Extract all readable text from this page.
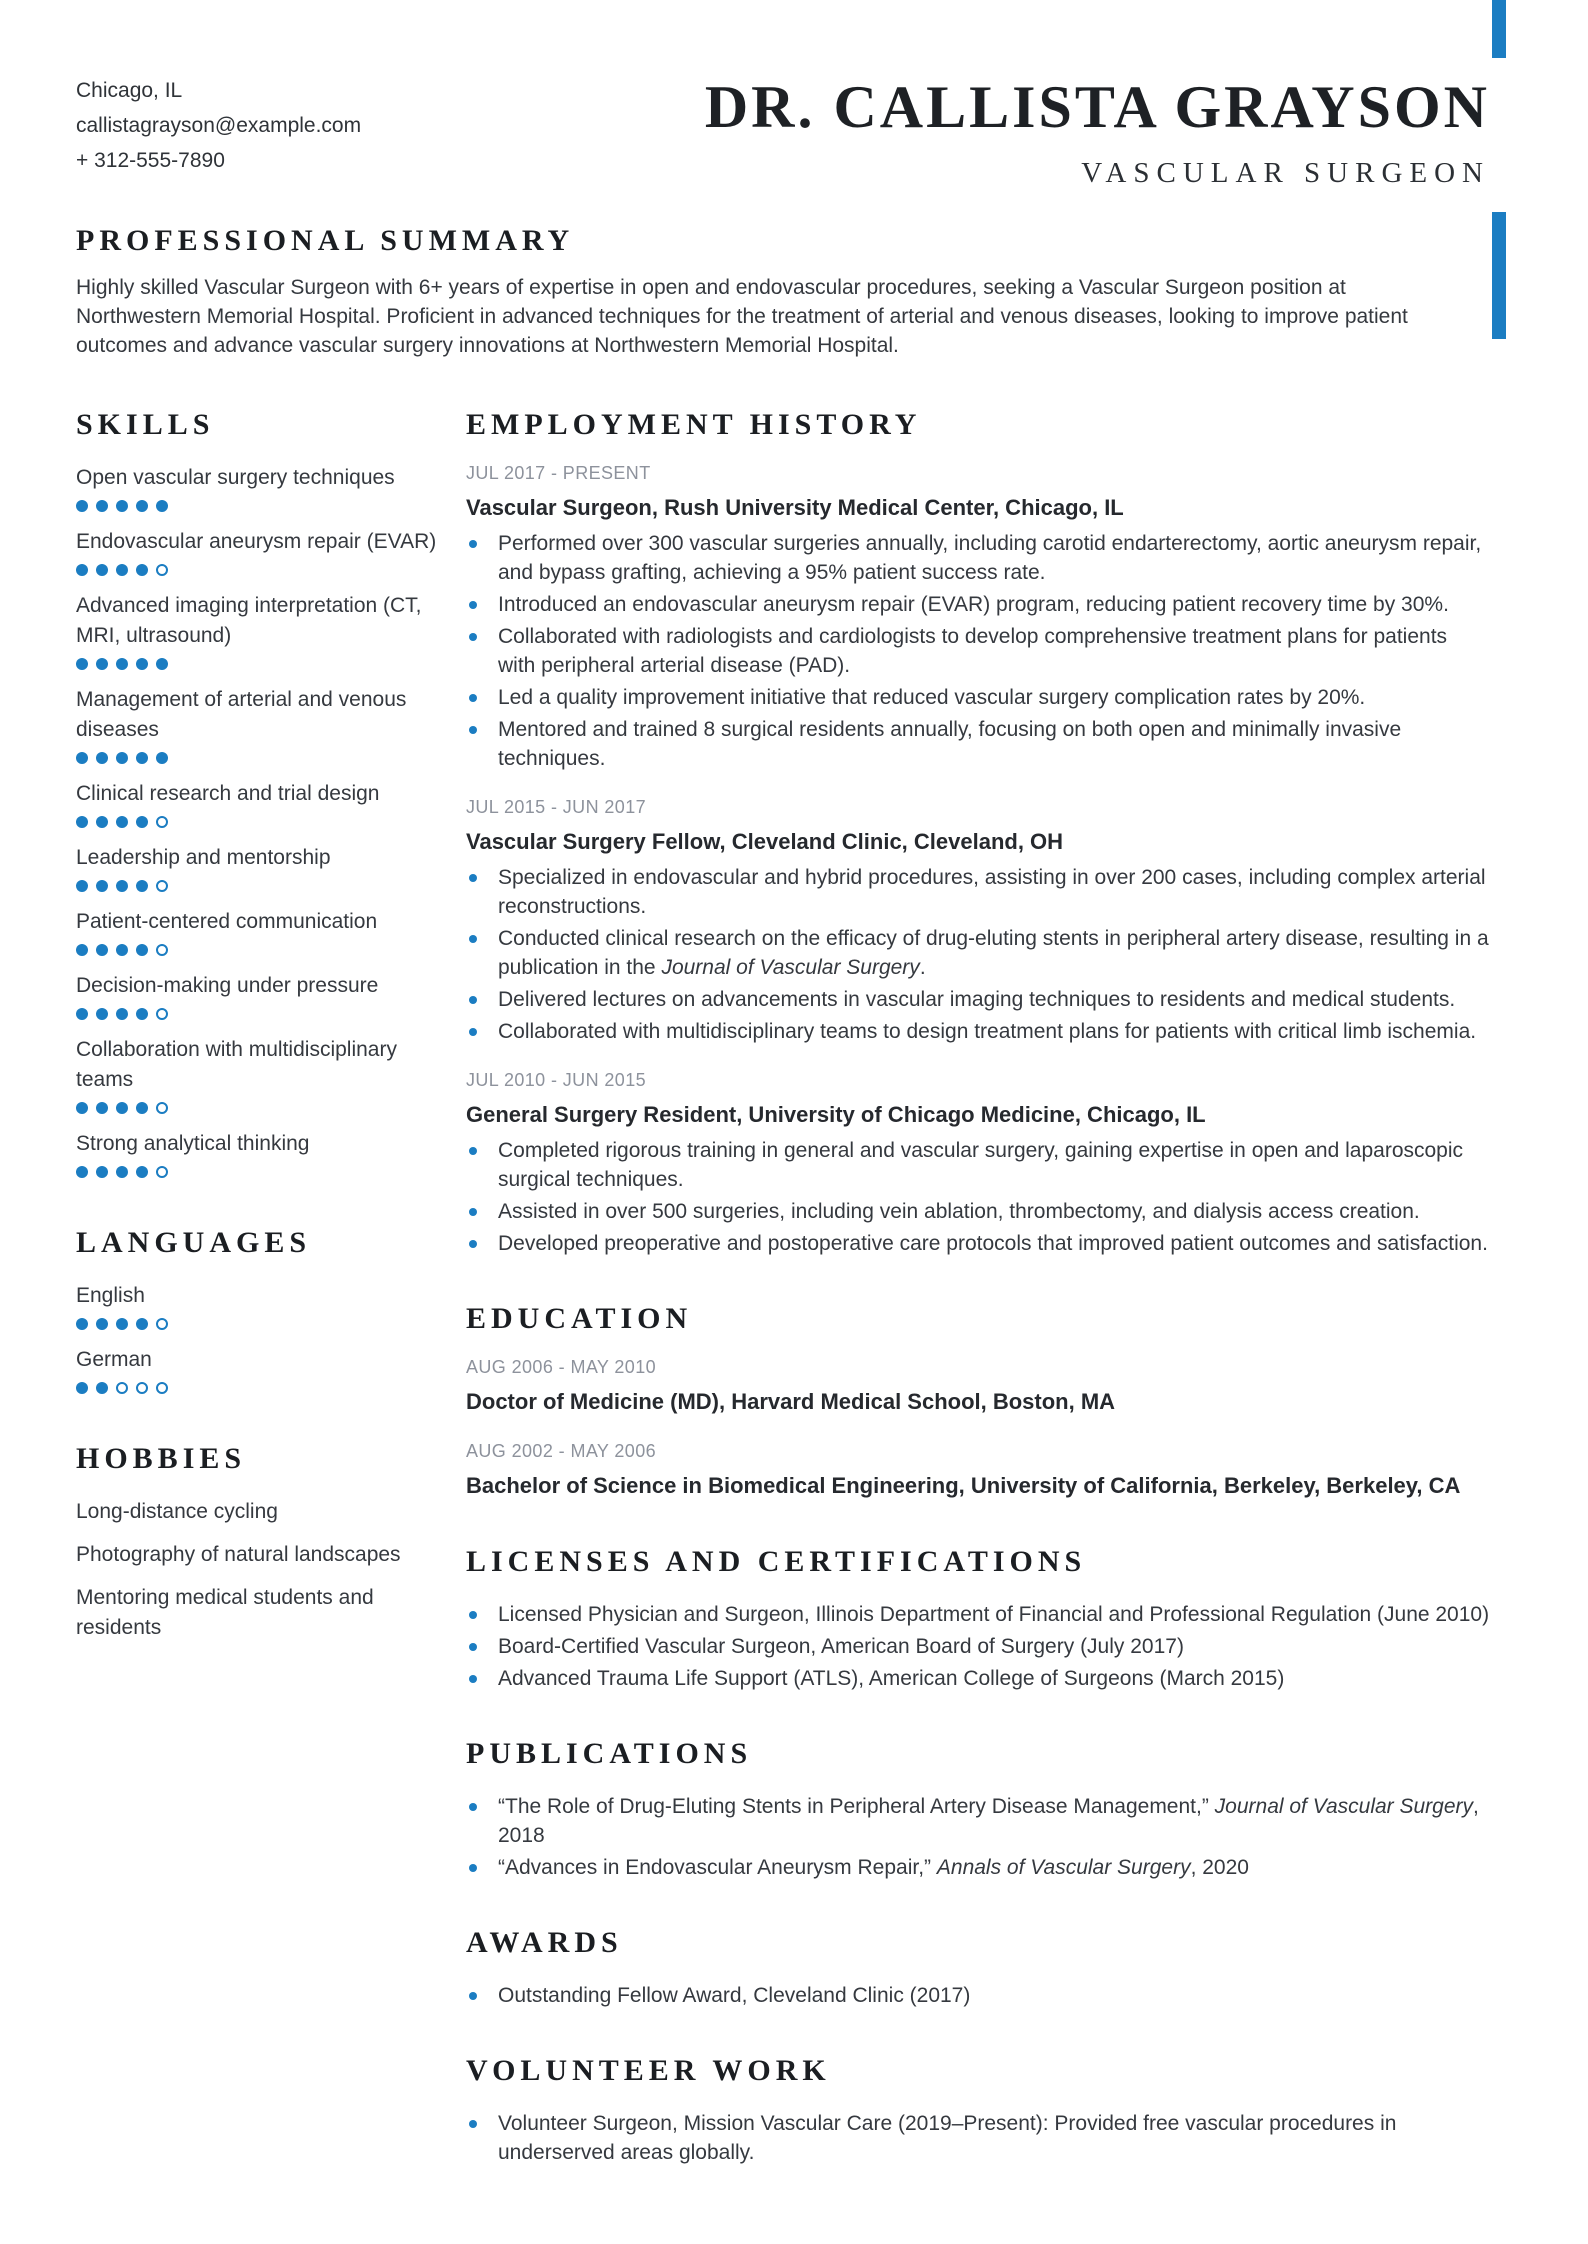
Chicago, IL
callistagrayson@example.com
+ 312-555-7890
DR. CALLISTA GRAYSON
VASCULAR SURGEON
PROFESSIONAL SUMMARY

Highly skilled Vascular Surgeon with 6+ years of expertise in open and endovascular procedures, seeking a Vascular Surgeon position at Northwestern Memorial Hospital. Proficient in advanced techniques for the treatment of arterial and venous diseases, looking to improve patient outcomes and advance vascular surgery innovations at Northwestern Memorial Hospital.

SKILLS
Open vascular surgery techniques
Endovascular aneurysm repair (EVAR)
Advanced imaging interpretation (CT, MRI, ultrasound)
Management of arterial and venous diseases
Clinical research and trial design
Leadership and mentorship
Patient-centered communication
Decision-making under pressure
Collaboration with multidisciplinary teams
Strong analytical thinking
LANGUAGES
English
German
HOBBIES
Long-distance cycling
Photography of natural landscapes
Mentoring medical students and residents
EMPLOYMENT HISTORY
JUL 2017 - PRESENT
Vascular Surgeon, Rush University Medical Center, Chicago, IL
Performed over 300 vascular surgeries annually, including carotid endarterectomy, aortic aneurysm repair, and bypass grafting, achieving a 95% patient success rate.
Introduced an endovascular aneurysm repair (EVAR) program, reducing patient recovery time by 30%.
Collaborated with radiologists and cardiologists to develop comprehensive treatment plans for patients with peripheral arterial disease (PAD).
Led a quality improvement initiative that reduced vascular surgery complication rates by 20%.
Mentored and trained 8 surgical residents annually, focusing on both open and minimally invasive techniques.
JUL 2015 - JUN 2017
Vascular Surgery Fellow, Cleveland Clinic, Cleveland, OH
Specialized in endovascular and hybrid procedures, assisting in over 200 cases, including complex arterial reconstructions.
Conducted clinical research on the efficacy of drug-eluting stents in peripheral artery disease, resulting in a publication in the Journal of Vascular Surgery.
Delivered lectures on advancements in vascular imaging techniques to residents and medical students.
Collaborated with multidisciplinary teams to design treatment plans for patients with critical limb ischemia.
JUL 2010 - JUN 2015
General Surgery Resident, University of Chicago Medicine, Chicago, IL
Completed rigorous training in general and vascular surgery, gaining expertise in open and laparoscopic surgical techniques.
Assisted in over 500 surgeries, including vein ablation, thrombectomy, and dialysis access creation.
Developed preoperative and postoperative care protocols that improved patient outcomes and satisfaction.
EDUCATION
AUG 2006 - MAY 2010
Doctor of Medicine (MD), Harvard Medical School, Boston, MA
AUG 2002 - MAY 2006
Bachelor of Science in Biomedical Engineering, University of California, Berkeley, Berkeley, CA
LICENSES AND CERTIFICATIONS
Licensed Physician and Surgeon, Illinois Department of Financial and Professional Regulation (June 2010)
Board-Certified Vascular Surgeon, American Board of Surgery (July 2017)
Advanced Trauma Life Support (ATLS), American College of Surgeons (March 2015)
PUBLICATIONS
“The Role of Drug-Eluting Stents in Peripheral Artery Disease Management,” Journal of Vascular Surgery, 2018
“Advances in Endovascular Aneurysm Repair,” Annals of Vascular Surgery, 2020
AWARDS
Outstanding Fellow Award, Cleveland Clinic (2017)
VOLUNTEER WORK
Volunteer Surgeon, Mission Vascular Care (2019–Present): Provided free vascular procedures in underserved areas globally.
